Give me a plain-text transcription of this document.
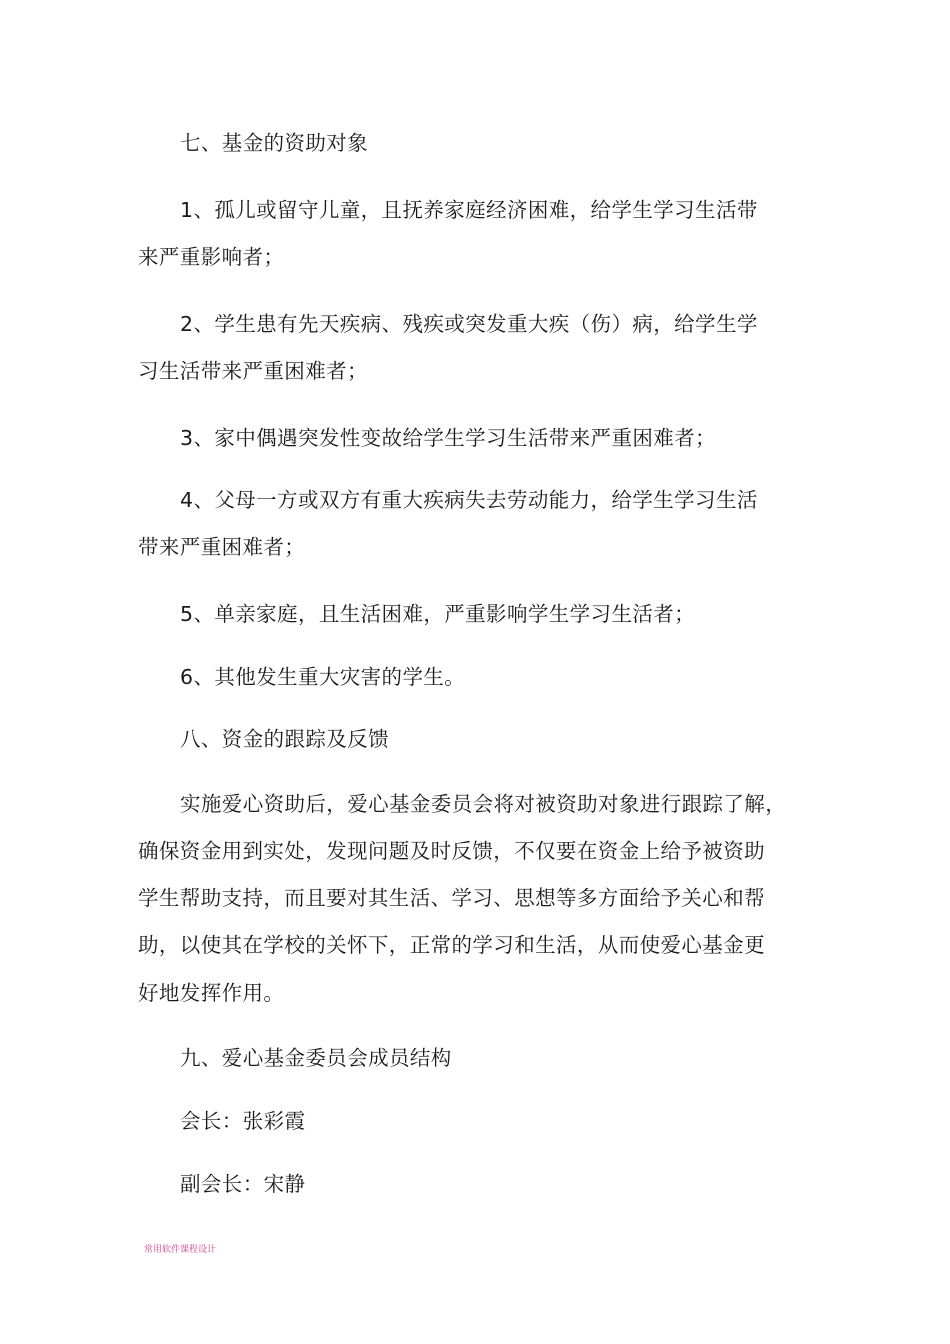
七、基金的资助对象
1、孤儿或留守儿童，且抚养家庭经济困难，给学生学习生活带
来严重影响者；
2、学生患有先天疾病、残疾或突发重大疾（伤）病，给学生学
习生活带来严重困难者；
3、家中偶遇突发性变故给学生学习生活带来严重困难者；
4、父母一方或双方有重大疾病失去劳动能力，给学生学习生活
带来严重困难者；
5、单亲家庭，且生活困难，严重影响学生学习生活者；
6、其他发生重大灾害的学生。
八、资金的跟踪及反馈
实施爱心资助后，爱心基金委员会将对被资助对象进行跟踪了解，
确保资金用到实处，发现问题及时反馈，不仅要在资金上给予被资助
学生帮助支持，而且要对其生活、学习、思想等多方面给予关心和帮
助，以使其在学校的关怀下，正常的学习和生活，从而使爱心基金更
好地发挥作用。
九、爱心基金委员会成员结构
会长：张彩霞
副会长：宋静
常用软件课程设计
